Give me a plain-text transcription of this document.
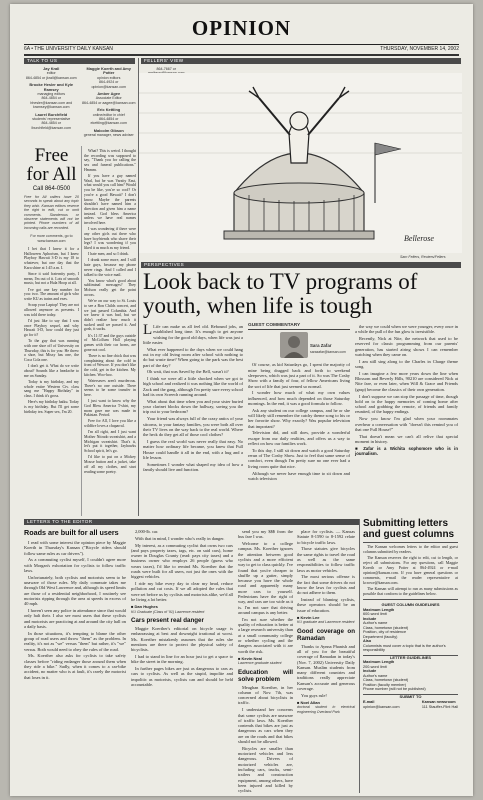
OPINION
6A • THE UNIVERSITY DAILY KANSAN	THURSDAY, NOVEMBER 14, 2002
TALK TO US
Jay Krall
editor
864-4854 or jkrall@kansan.com
Brooke Hesler and Kyle Ramsey
managing editors
864-4854 or bhesler@kansan.com and kramsey@kansan.com
Laurel Burchfield
students' representative
864-4854 or lburchfield@kansan.com
Maggie Koerth and Amy Potter
opinion editors
864-4924 or opinion@kansan.com
Amber Agee
Associate Editor
864-4854 or aagee@kansan.com
Eric Kettling
online/editor in chief
864-4854 or ekettling@kansan.com
Malcolm Gibson
general manager, news adviser
864-7667 or
Free
for All
Call 864-0500
Free for All callers have 20 seconds to speak about any topic they wish. Kansan editors reserve the right to edit, cut or omit comments. Slanderous or obscene statements will not be printed. Phone numbers of all incoming calls are recorded.
For more comments, go to www.kansan.com

I bet that I knew it for a Halloween Aphorism, but I knew Playboy Hawaii 3-D is my 18 to whatever, but one day that the Kara shine at 1:45 a.m. I.

Since it said fraternity party, I mean, I'm out of it. Lots of smooth music, but not a Hula Hoop at all.

I've got one key number for you: two. The amount of girls who write KU as trains and exes.

Scrap your Laptop! They are not allowed anymore as presents. I was told there today.

I'd just like to say that I was once Playboy sequel, and why Hawaii 3-D, how could they just go for it?

To the guy that was running with one shoe off of University on Thursday, this is for you: He threw a shoe, but Missy has one, the Coca Cola one.

I don't get it. What do we write about? Sounds like a headache to me on Sunday.

Today is my birthday, and my whole entire Western Civ. class sang me "Happy Birthday" in class. I think it's gross.

Here's my birthday haiku. Today is my birthday. But I'll get some birthday tea. Super sex, I'm 20.

What? This is weird. I thought the recording was supposed to say, "Thank you for calling the sex and funeral publications." Hmmm.

If you have a guy named Waal, but he was Varsity East, what would you call him? Would you be like, you're so cool? Or you're a good Hawaii? I don't know. Maybe the parents shouldn't have named him a direction and given him a name instead. God bless America unless we have real names involved here.

I was wondering if there were any other girls out there who have boyfriends who shave their legs? I was wondering if you liked it as much as my friend.

I hate men, and so I drink.

I drank some more, and I still hate guys, because my phone never rings. And I called and I talked to the voice mail.

You know what's good about subliminal messages? They Molson really get the point across.

We're on our way to St. Louis to see a Bon Childs concert, and we just passed Columbia. And we knew it was bad, but we didn't realize how much it sucked until we passed it. And gosh, it sucks.

It's 11:37 and the guys outside of McCollum Hall playing games with their car horns, are gone not cool.

There is no fine chick that was complaining about the cold in front of Wescoe. If you don't like the cold, get in the kitchen. My kitchen. Woo-hoo.

Watersaves aren't murderous. There's no one outside. There seems to be some transfer in here.

I just want to know why the God Bless America T-shirt, my mom gave me was made in Pakistan. Period.

Free for All, I love you like a wildfire loves a chaparral.

I'm all right, and I just want Mother Nitrado sweatshirt, and a Michigan sweatshirt. That's it, let's put it together, Jayhawks School spirit, let's go.

I'd like to put on a Mickey Mouse button and a jacket, take off all my clothes, and start reading some poetry.

FELLERS' VIEW
Bellerose
Sam Fellers, Reuters/Fellers
PERSPECTIVES
Look back to TV programs of youth, when life is tough

L Life can make us all feel old. Rebound jobs, an established long time. It's enough to get anyone wishing for the good old days, when life was just a little easier.

What ever happened to the days when we could hang out in my old living room after school with nothing to do but waste time? When going to the park was the best part of the day?

Oh wait, that was Saved by the Bell, wasn't it?

I think we were all a little shocked when we got to high school and realized it was nothing like the world of Zack and the gang, although I'm pretty sure every school had its own Screech running around.

What about that time when you and your sister buried your clarinet blocks down the hallway, saving you the trip out to your bedroom?

Your friend was always full of the crazy antics of your sitcoms, to your fantasy families, you were both all over their TV lives on the way back to the real world. Where the heck do they get all of those cool clothes?

I guess the real world was never really that easy. No matter how ordinary life became, you knew that Full House could handle it all in the end, with a hug and a life lesson.

Sometimes I wonder what shaped my idea of how a family should live and function.

GUEST COMMENTARY
Sara Zafar
sarazafar@kansan.com

Of course, as kid Saturdays go, I spent the majority of mine being dragged back and forth to weekend sleepovers, which was just a part of it. So was The Cosby Show with a family of four, of fellow Americans living the sort of life that just seemed so normal.

I wonder how much of what my own values influenced, and how much depended on those Saturday mornings. In the end, it was a good formula to follow.

Ask any student on our college campus, and he or she will likely still remember the catchy theme song to his or her favorite show. Why exactly? Was popular television that important?

Television did, and still does, provide a wonderful escape from our daily realities, and offers us a way to reflect on how our families work.

To this day, I still sit down and watch a good Saturday rerun of The Cosby Show. Just to feel that same sense of comfort, even though I'm pretty sure no one ever had a living room quite that nice.

Although we never have enough time to sit down and watch television

the way we could when we were younger, every once in a while the pull of the fun glow is irresistible.

Recently, Nick at Nite, the network that used to be reserved for classic programming from our parents' generation, has started airing shows I can remember watching when they came on.

I am still sing along to the Charles in Charge theme song.

I can imagine a few more years down the line when Blossom and Beverly Hills, 90210 are considered Nick at Nite fare, or even later, when Will & Grace and Friends (gasp) become the classics of their own generation.

I don't suppose we can stop the passage of time, though hold on to the happy memories of coming home after school and grabbing the remote, of friends and family reunited, of the happy endings.

Now you know I'm glad when your roommates overhear a conversation with "doesn't this remind you of that one Full House?"

That doesn't mean we can't all relive that special moment in history.

■ Zafar is a Wichita sophomore who is in journalism.

LETTERS TO THE EDITOR
Roads are built for all users

I read with some interest the opinion piece by Maggie Koerth in Thursday's Kansan ("Bicycle riders should follow same rules as car drivers").

As a commuting cyclist myself, I couldn't agree more with Morgan's exhortation for cyclists to follow traffic laws.

Unfortunately, both cyclists and motorists seem to be unaware of those rules. My daily commute takes me through Old West Lawrence and, although its speed limits are those of a residential neighborhood, I routinely see motorists ripping through the area at speeds in excess of 40 mph.

I haven't seen any police in attendance since that would only halt their. I also see most users that these cyclists and motorists are practicing at and around the city hall on a daily basis.

In those situations, it's tempting to blame the other group of road users and throw "them" as the problem. In reality, it's not as "we" versus "them" but rather, it's "we" versus. Both would need to obey the rules of the road.

Ms. Koerther also asks for cyclists to take safety classes before "riding endanger those around them when they ride a bike." Sadly, when it comes to a car-bike accident, no matter who is at fault, it's rarely the motorist that loses in it.

2,000-lb. car.

With that in mind, I wonder who's really in danger.

My interest, as a commuting cyclist that owns two cars (and pays property taxes, tags, etc. on said cars), home owner in Douglas County (read: pays city taxes) and a business owner who employs 26 people (guess who wears taxes), I'd like to remind Ms. Koerther that the roads were built for all users, not just the ones with the biggest vehicles.

I ride my bike every day to clear my head, reduce pollution and cut costs. If we all adopted the rules that were set before us by cyclists and motorists alike, we'd all be living a lot better.

■ Dan Hughes
KU Graduate (Class of '91) Lawrence resident
Cars present real danger

Maggie Koerther's editorial on bicycle usage is embarrassing at best and downright irrational at worst. Ms. Koerther mistakenly assumes that the rules she mentions are there to protect the physical safety of bicyclists.

I had to stand in line for an hour just to get a space to bike the street in the morning.

In further pages bikes are just as dangerous to cars as cars to cyclists. As well as the stupid, impolite and impolitic as motorists, cyclists can and should be held accountable.

send you my $$$ from the bus fare I was.

Welcome to a college campus. Ms. Koerther ignores the attention between good cyclists and a more efficient way to get to class quickly. I've found that you're cheaper to shuffle up a gutter, simply because you have the whole road and apparently many more cars to yourself. Pedestrians have the right of way, and cars are too wide as it is. I'm not sure that driving around campus is any better.

I'm not sure whether the quality of education is better at a large research university than at a small community college or whether cycling and the dangers associated with it are worth the risk.

■ Kevin Neal
Lawrence graduate student
Education will solve problem

Meaghan Koerther, in her column of Nov. 7th, was concerned about bicyclists in traffic.

I understand her concerns that some cyclists are unaware of traffic laws. Ms. Koerther contends that bikes are just as dangerous as cars when they are on the roads and that bikes should not be allowed.

Bicycles are smaller than motorized vehicles and less dangerous. Drivers of motorized vehicles are, including cars, trucks, semi-trailers and construction equipment, among others, have been injured and killed by cyclists.

place for cyclists. — Kansas Statute 8-1590 to 8-1592 relate to bicycle traffic laws.

Those statutes give bicycles the same rights to travel the road as well as the same responsibilities to follow traffic laws as motor vehicles.

The most serious offense is the fact that some drivers do not know the laws for cyclists and do not adhere to them.

Instead of blaming cyclists, these operators should be an issue of education.

■ Kevin Lee
KU graduate and Lawrence resident
Good coverage on Ramadan

Thanks to Aynna Phanish and all of you for the beautiful coverage of Ramadan in today's (Nov. 7, 2002) University Daily Kansan. Muslim students from many different countries and traditions really appreciate Kansan's accurate and generous coverage.

You guys rule!

■ Noel Allan
doctoral student in electrical engineering Overland Park
Submitting letters and guest columns

The Kansan welcomes letters to the editor and guest columns submitted by readers.

The Kansan reserves the right to edit, cut to length, or reject all submissions. For any questions, call Maggie Koerth or Amy Potter at 864-4924 or e-mail opinion@kansan.com. If you have general questions or comments, e-mail the reader representative at kcrowe@kansan.com.

The Kansan will attempt to run as many submissions as possible that conform to the guidelines below.

GUEST COLUMN GUIDELINES
Maximum Length
600-word limit
Include
Author's name
Class, hometown (student)
Position, city of residence
Department (faculty)
Also
Columnists must cover a topic that is the author's responsibility
LETTER GUIDELINES
Maximum Length
200-word limit
Include
Author's name
Class, hometown (student)
Position (faculty member)
Phone number (will not be published)
SUBMIT TO
E-mail
opinion@kansan.com
Kansan newsroom
111 Stauffer-Flint Hall
